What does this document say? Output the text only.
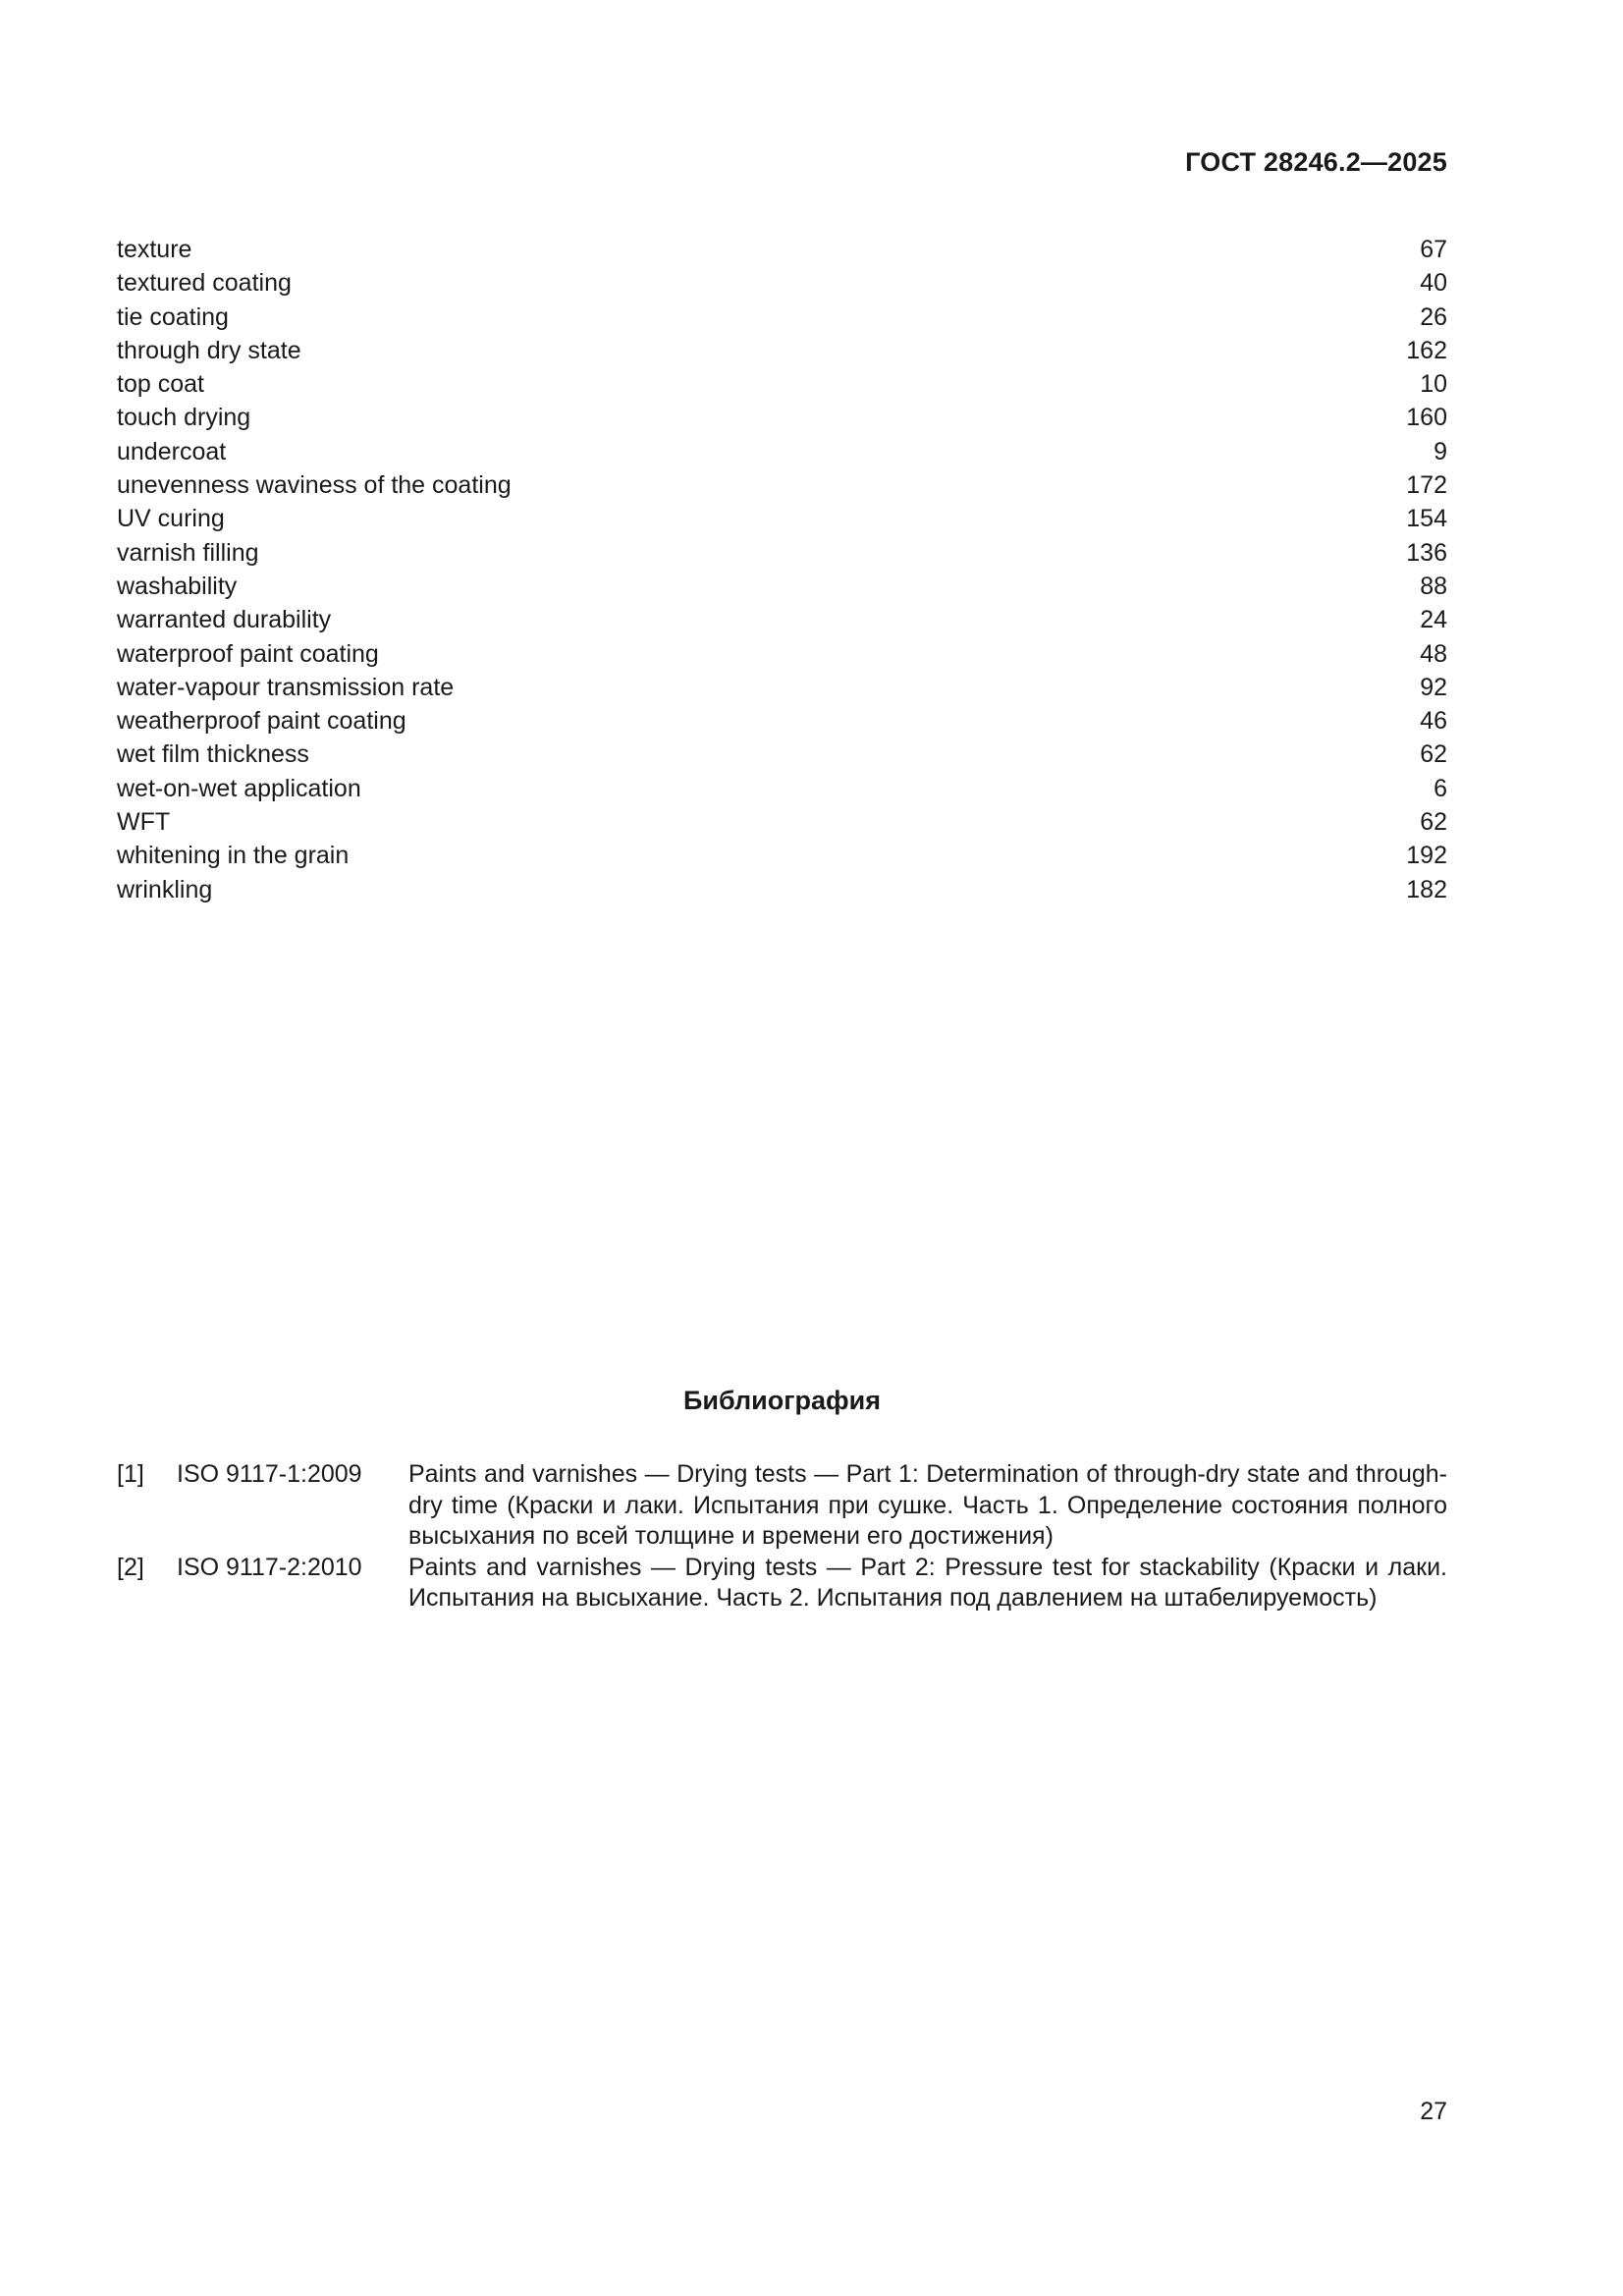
ГОСТ 28246.2—2025
texture	67
textured coating	40
tie coating	26
through dry state	162
top coat	10
touch drying	160
undercoat	9
unevenness waviness of the coating	172
UV curing	154
varnish filling	136
washability	88
warranted durability	24
waterproof paint coating	48
water-vapour transmission rate	92
weatherproof paint coating	46
wet film thickness	62
wet-on-wet application	6
WFT	62
whitening in the grain	192
wrinkling	182
Библиография
[1]	ISO 9117-1:2009	Paints and varnishes — Drying tests — Part 1: Determination of through-dry state and through-dry time (Краски и лаки. Испытания при сушке. Часть 1. Определение состояния полного высыхания по всей толщине и времени его достижения)
[2]	ISO 9117-2:2010	Paints and varnishes — Drying tests — Part 2: Pressure test for stackability (Краски и лаки. Испытания на высыхание. Часть 2. Испытания под давлением на штабелируемость)
27
